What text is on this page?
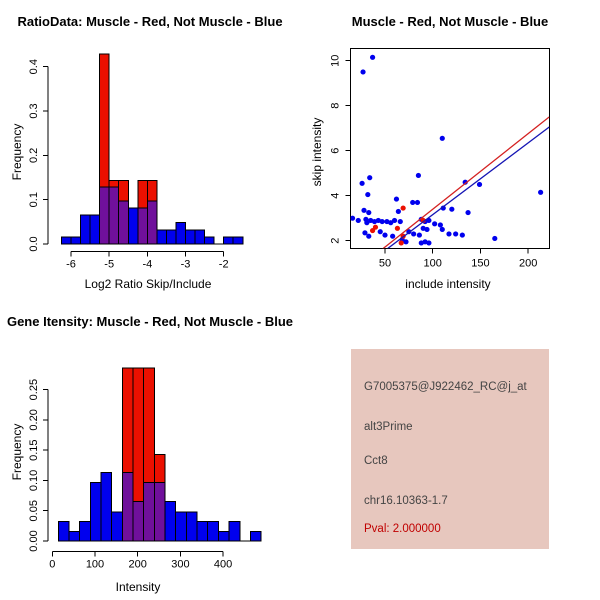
0.0
0.1
0.2
0.3
0.4
-6	-5	-4	-3	-2
RatioData: Muscle - Red, Not Muscle - Blue
Log2 Ratio Skip/Include
Frequency
50	100	150	200
2
4
6
8
10
Muscle - Red, Not Muscle - Blue
include intensity
skip intensity
0.00
0.05
0.10
0.15
0.20
0.25
0	100 200 300 400
Gene Itensity: Muscle - Red, Not Muscle - Blue
Intensity
Frequency
G7005375@J922462_RC@j_at
alt3Prime
Cct8
chr16.10363-1.7
Pval: 2.000000
